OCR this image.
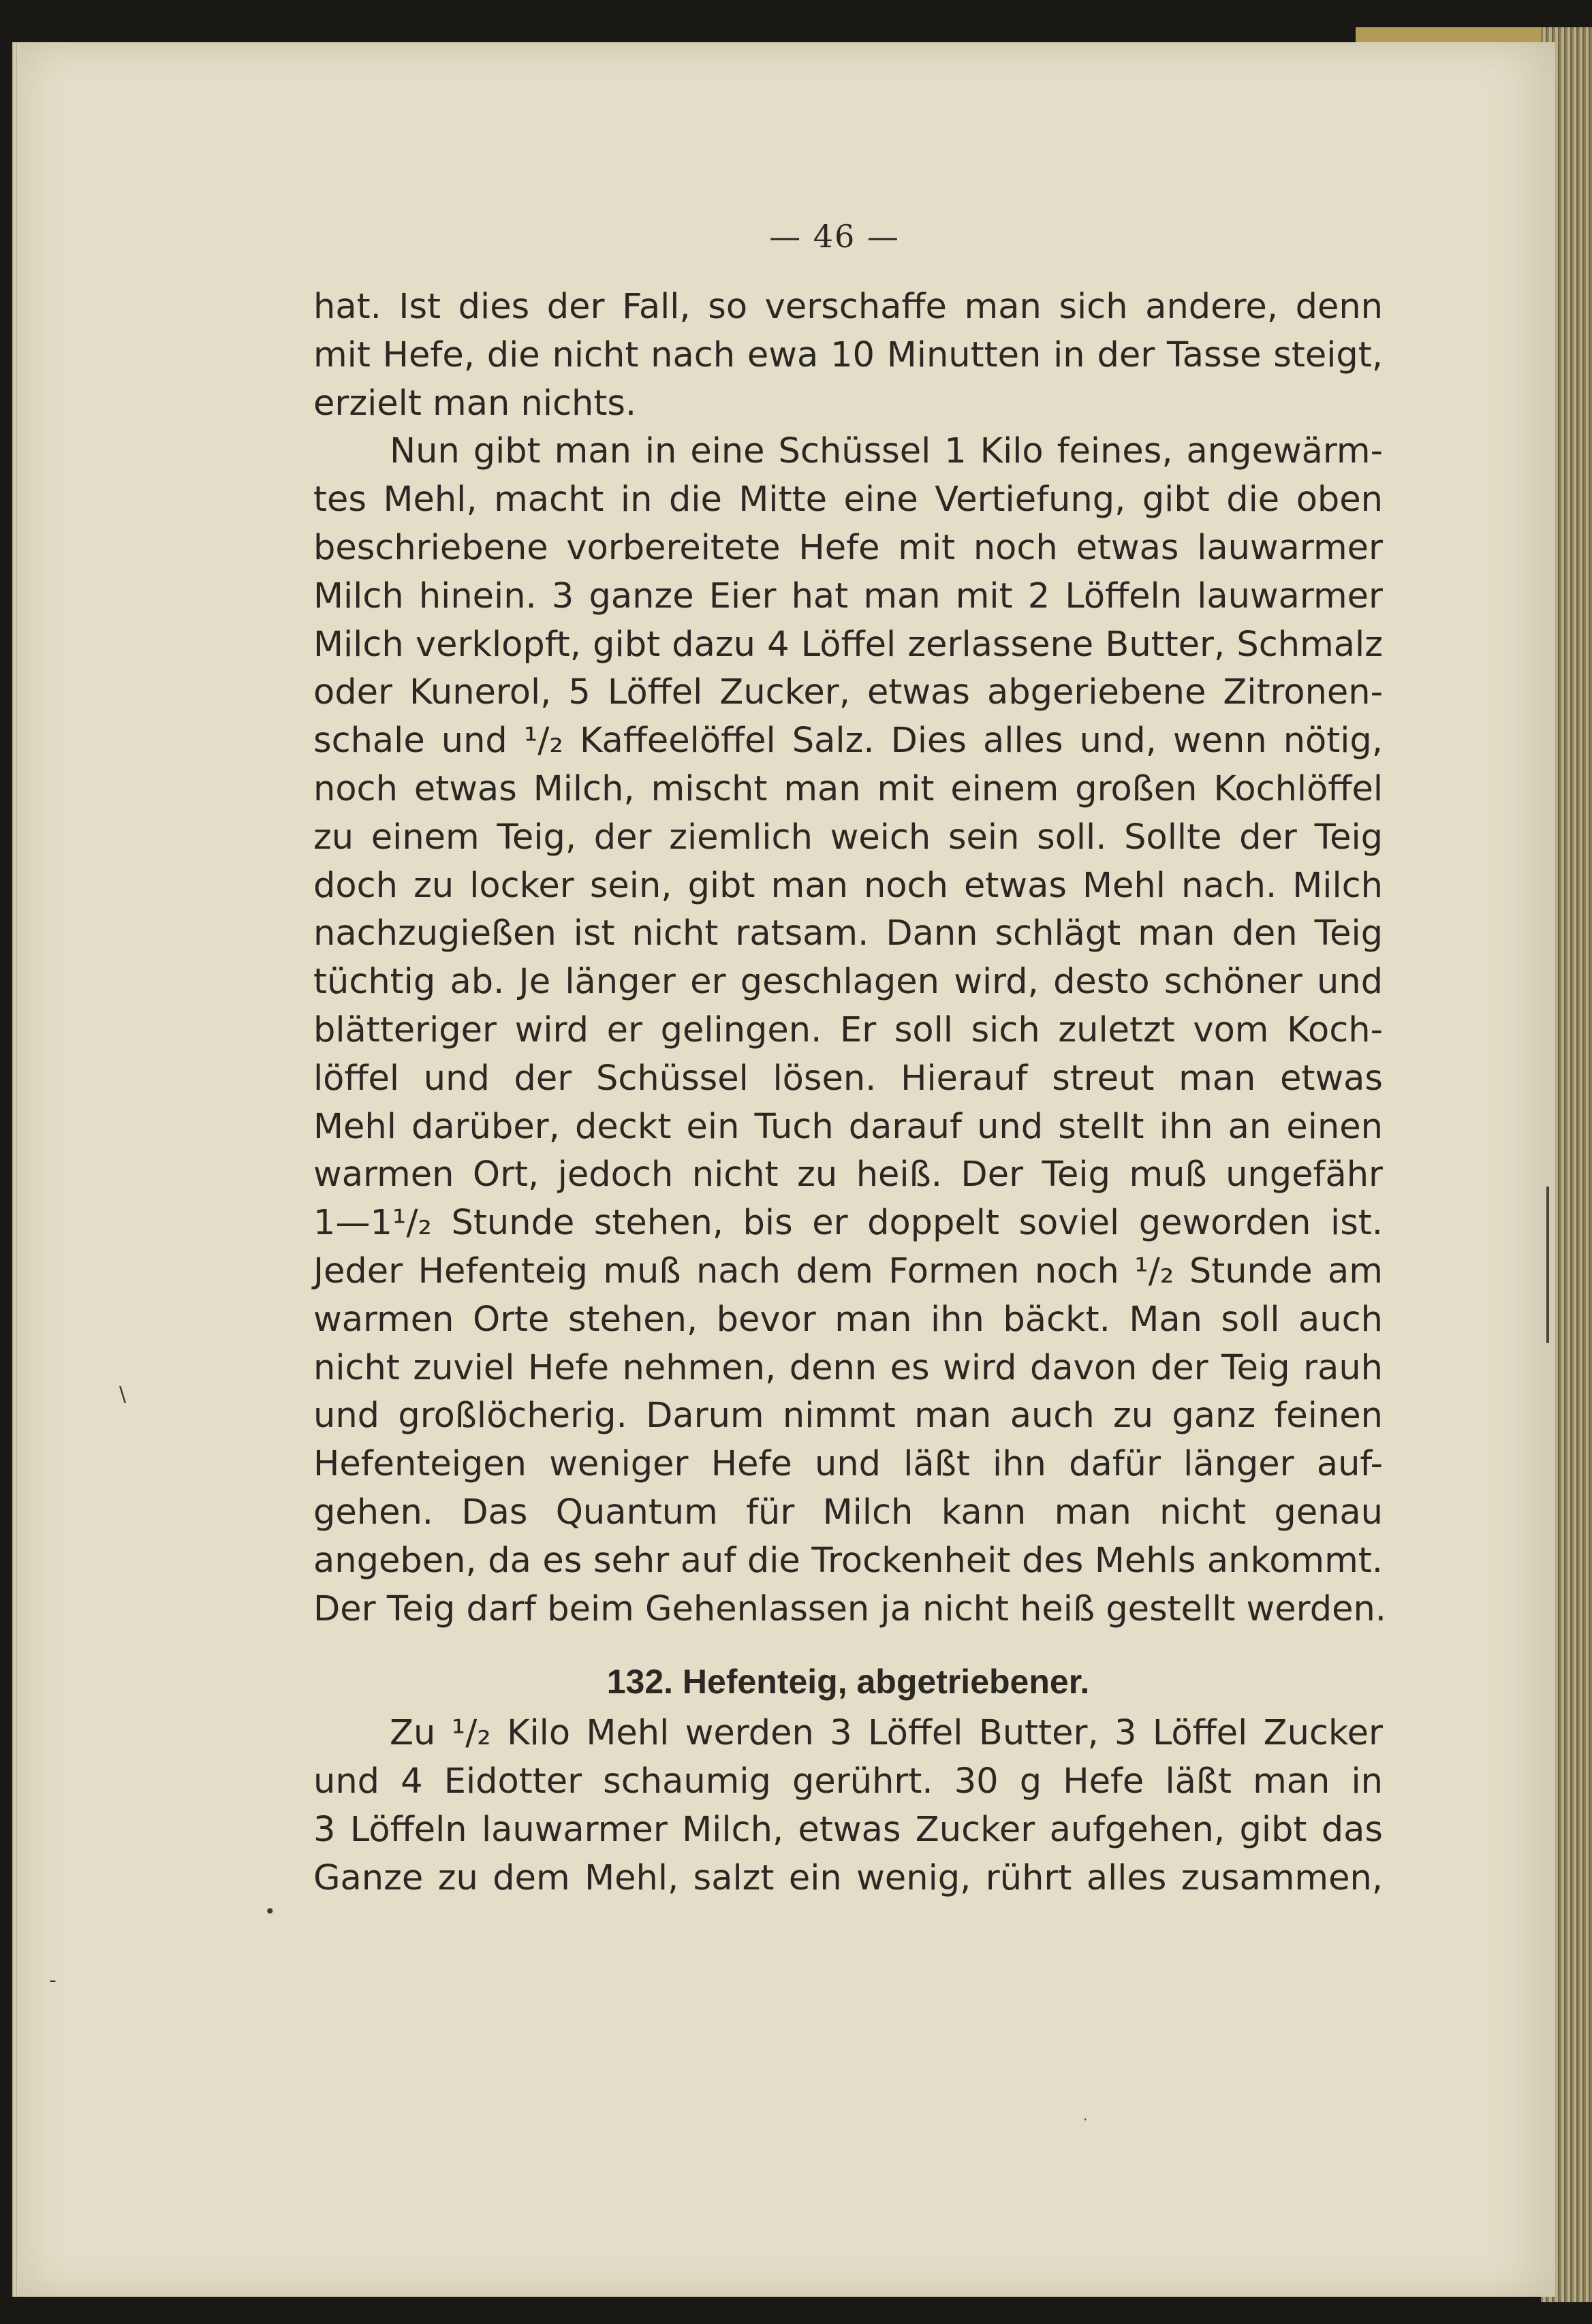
— 46 —
hat. Ist dies der Fall, so verschaffe man sich andere, denn
mit Hefe, die nicht nach ewa 10 Minutten in der Tasse steigt,
erzielt man nichts.
Nun gibt man in eine Schüssel 1 Kilo feines, angewärm-
tes Mehl, macht in die Mitte eine Vertiefung, gibt die oben
beschriebene vorbereitete Hefe mit noch etwas lauwarmer
Milch hinein. 3 ganze Eier hat man mit 2 Löffeln lauwarmer
Milch verklopft, gibt dazu 4 Löffel zerlassene Butter, Schmalz
oder Kunerol, 5 Löffel Zucker, etwas abgeriebene Zitronen-
schale und ¹/₂ Kaffeelöffel Salz. Dies alles und, wenn nötig,
noch etwas Milch, mischt man mit einem großen Kochlöffel
zu einem Teig, der ziemlich weich sein soll. Sollte der Teig
doch zu locker sein, gibt man noch etwas Mehl nach. Milch
nachzugießen ist nicht ratsam. Dann schlägt man den Teig
tüchtig ab. Je länger er geschlagen wird, desto schöner und
blätteriger wird er gelingen. Er soll sich zuletzt vom Koch-
löffel und der Schüssel lösen. Hierauf streut man etwas
Mehl darüber, deckt ein Tuch darauf und stellt ihn an einen
warmen Ort, jedoch nicht zu heiß. Der Teig muß ungefähr
1—1¹/₂ Stunde stehen, bis er doppelt soviel geworden ist.
Jeder Hefenteig muß nach dem Formen noch ¹/₂ Stunde am
warmen Orte stehen, bevor man ihn bäckt. Man soll auch
nicht zuviel Hefe nehmen, denn es wird davon der Teig rauh
und großlöcherig. Darum nimmt man auch zu ganz feinen
Hefenteigen weniger Hefe und läßt ihn dafür länger auf-
gehen. Das Quantum für Milch kann man nicht genau
angeben, da es sehr auf die Trockenheit des Mehls ankommt.
Der Teig darf beim Gehenlassen ja nicht heiß gestellt werden.
132. Hefenteig, abgetriebener.
Zu ¹/₂ Kilo Mehl werden 3 Löffel Butter, 3 Löffel Zucker
und 4 Eidotter schaumig gerührt. 30 g Hefe läßt man in
3 Löffeln lauwarmer Milch, etwas Zucker aufgehen, gibt das
Ganze zu dem Mehl, salzt ein wenig, rührt alles zusammen,
\
•
-
·
